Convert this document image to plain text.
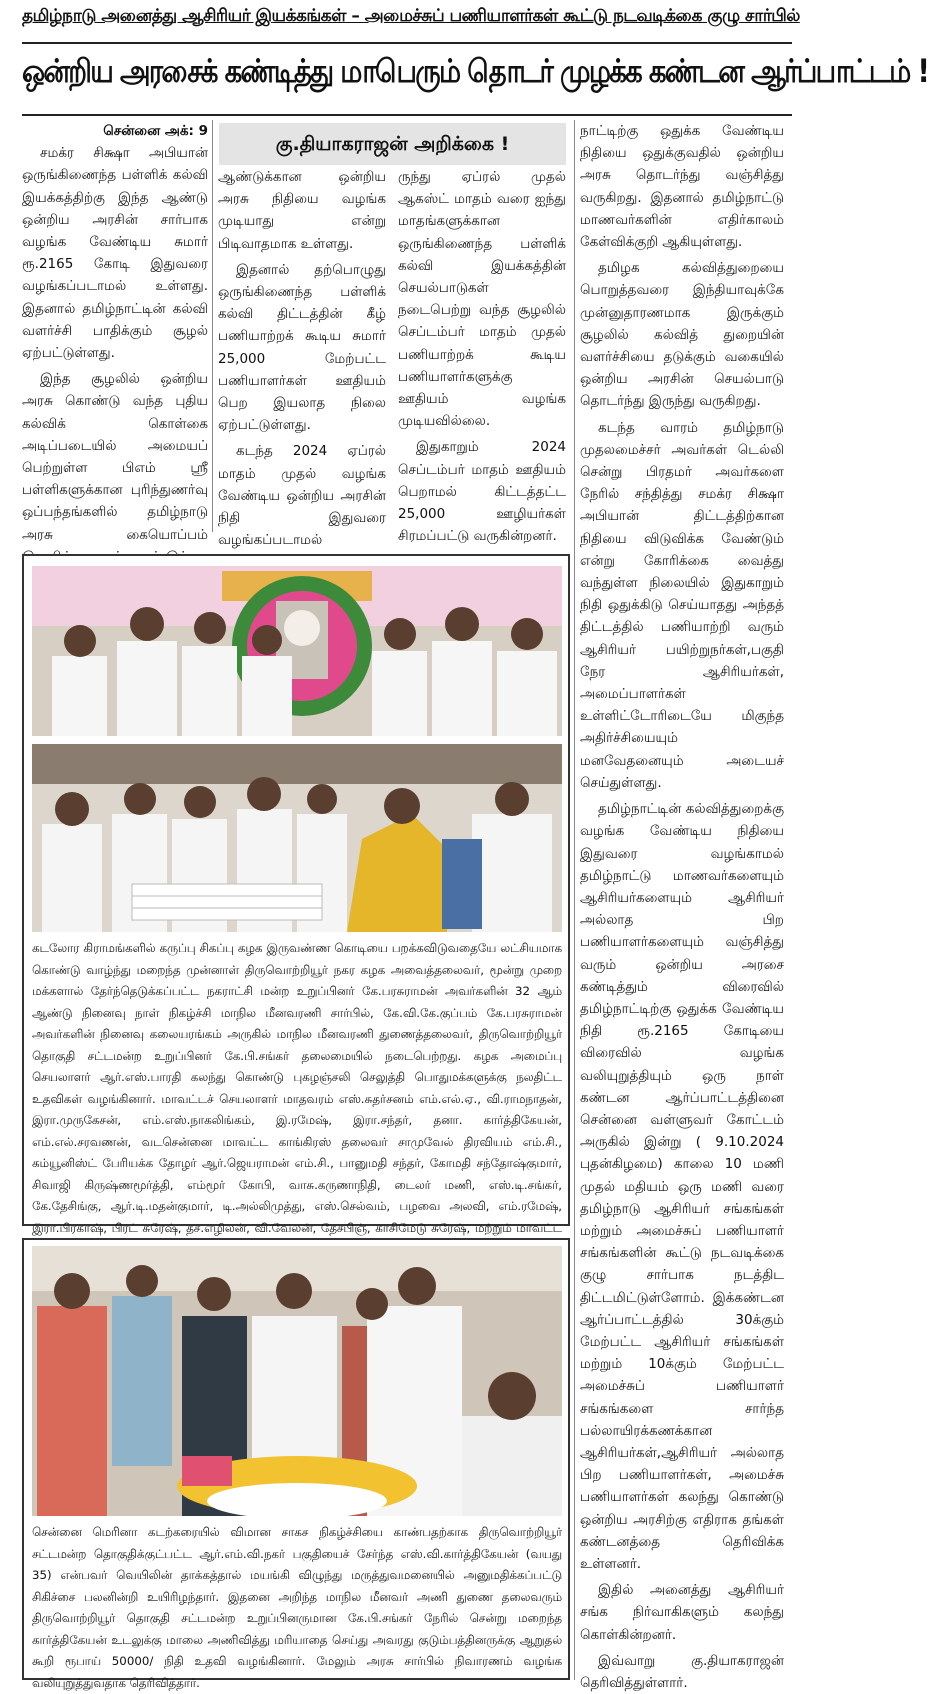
தமிழ்நாடு அனைத்து ஆசிரியர் இயக்கங்கள் – அமைச்சுப் பணியாளர்கள் கூட்டு நடவடிக்கை குழு சார்பில்
ஒன்றிய அரசைக் கண்டித்து மாபெரும் தொடர் முழக்க கண்டன ஆர்ப்பாட்டம் !
சென்னை அக்: 9

சமக்ர சிக்ஷா அபியான் ஒருங்கிணைந்த பள்ளிக் கல்வி இயக்கத்திற்கு இந்த ஆண்டு ஒன்றிய அரசின் சார்பாக வழங்க வேண்டிய சுமார் ரூ.2165 கோடி இதுவரை வழங்கப்படாமல் உள்ளது. இதனால் தமிழ்நாட்டின் கல்வி வளர்ச்சி பாதிக்கும் சூழல் ஏற்பட்டுள்ளது.

இந்த சூழலில் ஒன்றிய அரசு கொண்டு வந்த புதிய கல்விக் கொள்கை அடிப்படையில் அமையப் பெற்றுள்ள பிஎம் ஸ்ரீ பள்ளிகளுக்கான புரிந்துணர்வு ஒப்பந்தங்களில் தமிழ்நாடு அரசு கையொப்பம்

கு.தியாகராஜன் அறிக்கை !

ஆண்டுக்கான ஒன்றிய அரசு நிதியை வழங்க முடியாது என்று பிடிவாதமாக உள்ளது.

இதனால் தற்பொழுது ஒருங்கிணைந்த பள்ளிக் கல்வி திட்டத்தின் கீழ் பணியாற்றக் கூடிய சுமார் 25,000 மேற்பட்ட பணியாளர்கள் ஊதியம் பெற இயலாத நிலை ஏற்பட்டுள்ளது.

கடந்த 2024 ஏப்ரல் மாதம் முதல் வழங்க வேண்டிய ஒன்றிய அரசின் நிதி இதுவரை வழங்கப்படாமல்

ருந்து ஏப்ரல் முதல் ஆகஸ்ட் மாதம் வரை ஐந்து மாதங்களுக்கான ஒருங்கிணைந்த பள்ளிக் கல்வி இயக்கத்தின் செயல்பாடுகள் நடைபெற்று வந்த சூழலில் செப்டம்பர் மாதம் முதல் பணியாற்றக் கூடிய பணியாளர்களுக்கு ஊதியம் வழங்க முடியவில்லை.

இதுகாறும் 2024 செப்டம்பர் மாதம் ஊதியம் பெறாமல் கிட்டத்தட்ட 25,000 ஊழியர்கள் சிரமப்பட்டு வருகின்றனர்.

நாட்டிற்கு ஒதுக்க வேண்டிய நிதியை ஒதுக்குவதில் ஒன்றிய அரசு தொடர்ந்து வஞ்சித்து வருகிறது. இதனால் தமிழ்நாட்டு மாணவர்களின் எதிர்காலம் கேள்விக்குறி ஆகியுள்ளது.

தமிழக கல்வித்துறையை பொறுத்தவரை இந்தியாவுக்கே முன்னுதாரணமாக இருக்கும் சூழலில் கல்வித் துறையின் வளர்ச்சியை தடுக்கும் வகையில் ஒன்றிய அரசின் செயல்பாடு தொடர்ந்து இருந்து வருகிறது.

கடந்த வாரம் தமிழ்நாடு முதலமைச்சர் அவர்கள் டெல்லி சென்று பிரதமர் அவர்களை நேரில் சந்தித்து சமக்ர சிக்ஷா அபியான் திட்டத்திற்கான நிதியை விடுவிக்க வேண்டும் என்று கோரிக்கை வைத்து வந்துள்ள நிலையில் இதுகாறும் நிதி ஒதுக்கிடு செய்யாதது அந்தத் திட்டத்தில் பணியாற்றி வரும் ஆசிரியர் பயிற்றுநர்கள்,பகுதி நேர ஆசிரியர்கள், அமைப்பாளர்கள் உள்ளிட்டோரிடையே மிகுந்த அதிர்ச்சியையும் மனவேதனையும் அடையச் செய்துள்ளது.

தமிழ்நாட்டின் கல்வித்துறைக்கு வழங்க வேண்டிய நிதியை இதுவரை வழங்காமல் தமிழ்நாட்டு மாணவர்களையும் ஆசிரியர்களையும் ஆசிரியர் அல்லாத பிற பணியாளர்களையும் வஞ்சித்து வரும் ஒன்றிய அரசை கண்டித்தும் விரைவில் தமிழ்நாட்டிற்கு ஒதுக்க வேண்டிய நிதி ரூ.2165 கோடியை விரைவில் வழங்க வலியுறுத்தியும் ஒரு நாள் கண்டன ஆர்ப்பாட்டத்தினை சென்னை வள்ளுவர் கோட்டம் அருகில் இன்று ( 9.10.2024 புதன்கிழமை) காலை 10 மணி முதல் மதியம் ஒரு மணி வரை தமிழ்நாடு ஆசிரியர் சங்கங்கள் மற்றும் அமைச்சுப் பணியாளர் சங்கங்களின் கூட்டு நடவடிக்கை குழு சார்பாக நடத்திட திட்டமிட்டுள்ளோம். இக்கண்டன ஆர்ப்பாட்டத்தில் 30க்கும் மேற்பட்ட ஆசிரியர் சங்கங்கள் மற்றும் 10க்கும் மேற்பட்ட அமைச்சுப் பணியாளர் சங்கங்களை சார்ந்த பல்லாயிரக்கணக்கான ஆசிரியர்கள்,ஆசிரியர் அல்லாத பிற பணியாளர்கள், அமைச்சு பணியாளர்கள் கலந்து கொண்டு ஒன்றிய அரசிற்கு எதிராக தங்கள் கண்டனத்தை தெரிவிக்க உள்ளனர்.

இதில் அனைத்து ஆசிரியர் சங்க நிர்வாகிகளும் கலந்து கொள்கின்றனர்.

இவ்வாறு கு.தியாகராஜன் தெரிவித்துள்ளார்.

கடலோர கிராமங்களில் கருப்பு சிகப்பு கழக இருவண்ண கொடியை பறக்கவிடுவதையே லட்சியமாக கொண்டு வாழ்ந்து மறைந்த முன்னாள் திருவொற்றியூர் நகர கழக அவைத்தலைவர், மூன்று முறை மக்களால் தேர்ந்தெடுக்கப்பட்ட நகராட்சி மன்ற உறுப்பினர் கே.பரசுராமன் அவர்களின் 32 ஆம் ஆண்டு நினைவு நாள் நிகழ்ச்சி மாநில மீனவரணி சார்பில், கே.வி.கே.குப்பம் கே.பரசுராமன் அவர்களின் நினைவு கலையரங்கம் அருகில் மாநில மீனவரணி துணைத்தலைவர், திருவொற்றியூர் தொகுதி சட்டமன்ற உறுப்பினர் கே.பி.சங்கர் தலைமையில் நடைபெற்றது. கழக அமைப்பு செயலாளர் ஆர்.எஸ்.பாரதி கலந்து கொண்டு புகழஞ்சலி செலுத்தி பொதுமக்களுக்கு நலதிட்ட உதவிகள் வழங்கினார். மாவட்டச் செயலாளர் மாதவரம் எஸ்.சுதர்சனம் எம்.எல்.ஏ., வி.ராமநாதன், இரா.முருகேசன், எம்.எஸ்.நாகலிங்கம், இ.ரமேஷ், இரா.சந்தர், தனா. கார்த்திகேயன், எம்.எல்.சரவணன், வடசென்னை மாவட்ட காங்கிரஸ் தலைவர் சாமுவேல் திரவியம் எம்.சி., கம்யூனிஸ்ட் பேரியக்க தோழர் ஆர்.ஜெயராமன் எம்.சி., பானுமதி சந்தர், கோமதி சந்தோஷ்குமார், சிவாஜி கிருஷ்ணமூர்த்தி, எம்மூர் கோபி, வாசு.கருணாநிதி, டைலர் மணி, எஸ்.டி.சங்கர், கே.தேசிங்கு, ஆர்.டி.மதன்குமார், டி.அல்லிமுத்து, எஸ்.செல்வம், பழவை அலவி, எம்.ரமேஷ், இரா.பிரகாஷ், பிரட் சுரேஷ், தச.எழிலன், வி.வேலன், தேசபிஞ், காசிமேடு சுரேஷ், மற்றும் மாவட்ட
சென்னை மெரினா கடற்கரையில் விமான சாகச நிகழ்ச்சியை காண்பதற்காக திருவொற்றியூர் சட்டமன்ற தொகுதிக்குட்பட்ட ஆர்.எம்.வி.நகர் பகுதியைச் சேர்ந்த எஸ்.வி.கார்த்திகேயன் (வயது 35) என்பவர் வெயிலின் தாக்கத்தால் மயங்கி விழுந்து மருத்துவமனையில் அனுமதிக்கப்பட்டு சிகிச்சை பலனின்றி உயிரிழந்தார். இதனை அறிந்த மாநில மீனவர் அணி துணை தலைவரும் திருவொற்றியூர் தொகுதி சட்டமன்ற உறுப்பினருமான கே.பி.சங்கர் நேரில் சென்று மறைந்த கார்த்திகேயன் உடலுக்கு மாலை அணிவித்து மரியாதை செய்து அவரது குடும்பத்தினருக்கு ஆறுதல் கூறி ரூபாய் 50000/ நிதி உதவி வழங்கினார். மேலும் அரசு சார்பில் நிவாரணம் வழங்க வலியுறுத்துவதாக தெரிவித்தார்.
